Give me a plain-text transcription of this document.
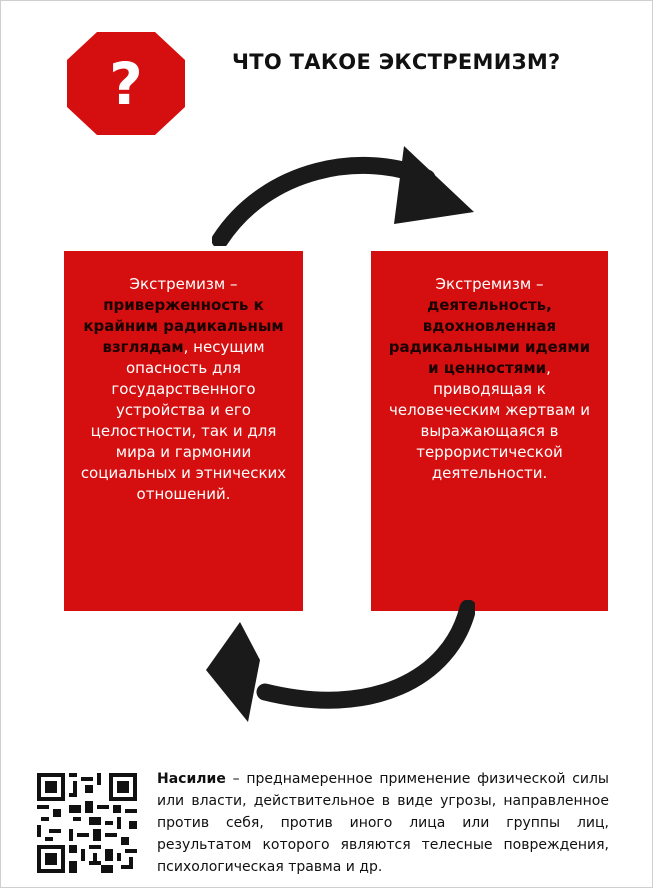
?	ЧТО ТАКОЕ ЭКСТРЕМИЗМ?
Экстремизм – приверженность к крайним радикальным взглядам, несущим опасность для государственного устройства и его целостности, так и для мира и гармонии социальных и этнических отношений.
Экстремизм – деятельность, вдохновленная радикальными идеями и ценностями, приводящая к человеческим жертвам и выражающаяся в террористической деятельности.
Насилие – преднамеренное применение физической силы или власти, действительное в виде угрозы, направленное против себя, против иного лица или группы лиц, результатом которого являются телесные повреждения, психологическая травма и др.
